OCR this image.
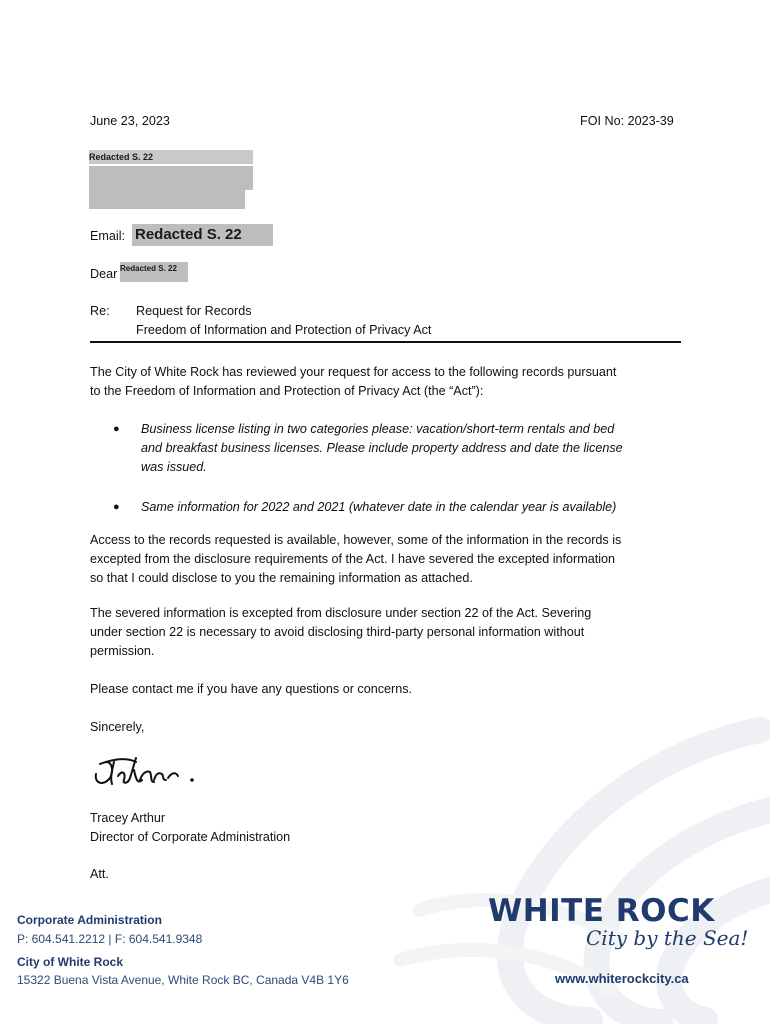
June 23, 2023	FOI No: 2023-39
Redacted S. 22
Email: Redacted S. 22
Dear Redacted S. 22
Re: Request for Records
Freedom of Information and Protection of Privacy Act
The City of White Rock has reviewed your request for access to the following records pursuant
to the Freedom of Information and Protection of Privacy Act (the “Act”):
● Business license listing in two categories please: vacation/short-term rentals and bed
and breakfast business licenses. Please include property address and date the license
was issued.
● Same information for 2022 and 2021 (whatever date in the calendar year is available)
Access to the records requested is available, however, some of the information in the records is
excepted from the disclosure requirements of the Act. I have severed the excepted information
so that I could disclose to you the remaining information as attached.
The severed information is excepted from disclosure under section 22 of the Act. Severing
under section 22 is necessary to avoid disclosing third-party personal information without
permission.
Please contact me if you have any questions or concerns.
Sincerely,
Tracey Arthur
Director of Corporate Administration
Att.
Corporate Administration
P: 604.541.2212 | F: 604.541.9348
City of White Rock
15322 Buena Vista Avenue, White Rock BC, Canada V4B 1Y6
WHITE ROCK
City by the Sea!
www.whiterockcity.ca
